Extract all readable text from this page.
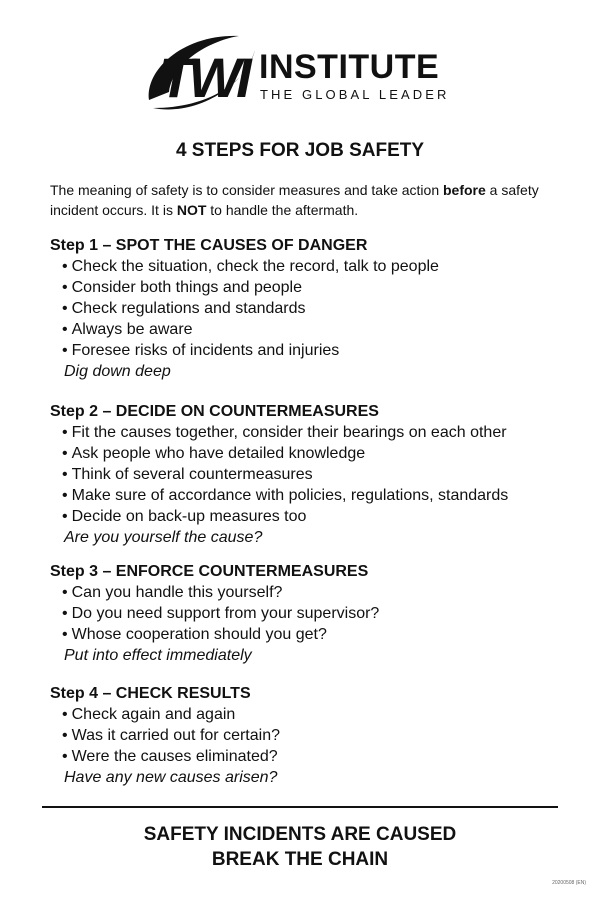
TWI INSTITUTE
THE GLOBAL LEADER
4 STEPS FOR JOB SAFETY
The meaning of safety is to consider measures and take action before a safety incident occurs. It is NOT to handle the aftermath.
Step 1 – SPOT THE CAUSES OF DANGER
• Check the situation, check the record, talk to people
• Consider both things and people
• Check regulations and standards
• Always be aware
• Foresee risks of incidents and injuries
Dig down deep
Step 2 – DECIDE ON COUNTERMEASURES
• Fit the causes together, consider their bearings on each other
• Ask people who have detailed knowledge
• Think of several countermeasures
• Make sure of accordance with policies, regulations, standards
• Decide on back-up measures too
Are you yourself the cause?
Step 3 – ENFORCE COUNTERMEASURES
• Can you handle this yourself?
• Do you need support from your supervisor?
• Whose cooperation should you get?
Put into effect immediately
Step 4 – CHECK RESULTS
• Check again and again
• Was it carried out for certain?
• Were the causes eliminated?
Have any new causes arisen?
SAFETY INCIDENTS ARE CAUSED
BREAK THE CHAIN
20200508 (EN)
